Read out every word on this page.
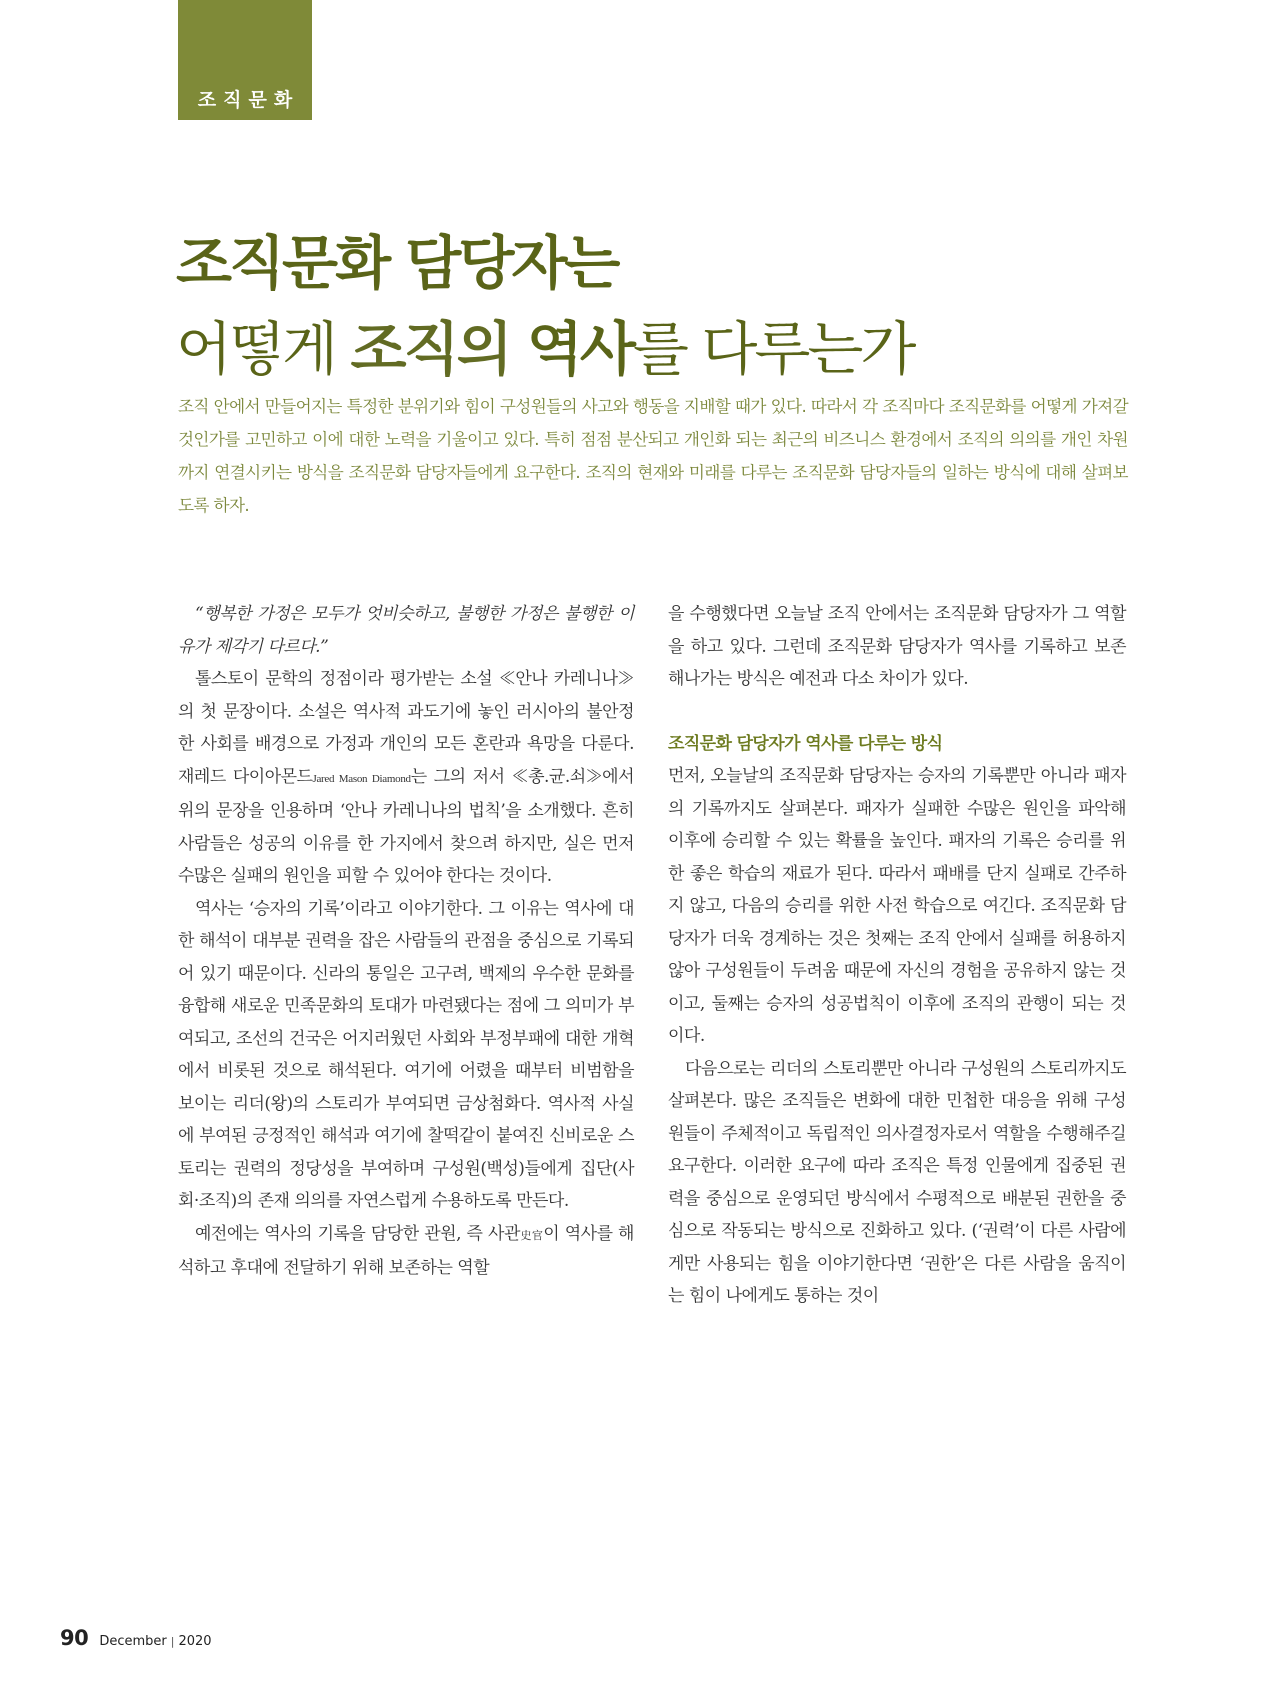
조직문화
조직문화 담당자는
어떻게 조직의 역사를 다루는가

조직 안에서 만들어지는 특정한 분위기와 힘이 구성원들의 사고와 행동을 지배할 때가 있다. 따라서 각 조직마다 조직문화를 어떻게 가져갈 것인가를 고민하고 이에 대한 노력을 기울이고 있다. 특히 점점 분산되고 개인화 되는 최근의 비즈니스 환경에서 조직의 의의를 개인 차원까지 연결시키는 방식을 조직문화 담당자들에게 요구한다. 조직의 현재와 미래를 다루는 조직문화 담당자들의 일하는 방식에 대해 살펴보도록 하자.

“행복한 가정은 모두가 엇비슷하고, 불행한 가정은 불행한 이유가 제각기 다르다.”

톨스토이 문학의 정점이라 평가받는 소설 ≪안나 카레니나≫의 첫 문장이다. 소설은 역사적 과도기에 놓인 러시아의 불안정한 사회를 배경으로 가정과 개인의 모든 혼란과 욕망을 다룬다. 재레드 다이아몬드Jared Mason Diamond는 그의 저서 ≪총.균.쇠≫에서 위의 문장을 인용하며 ‘안나 카레니나의 법칙’을 소개했다. 흔히 사람들은 성공의 이유를 한 가지에서 찾으려 하지만, 실은 먼저 수많은 실패의 원인을 피할 수 있어야 한다는 것이다.

역사는 ‘승자의 기록’이라고 이야기한다. 그 이유는 역사에 대한 해석이 대부분 권력을 잡은 사람들의 관점을 중심으로 기록되어 있기 때문이다. 신라의 통일은 고구려, 백제의 우수한 문화를 융합해 새로운 민족문화의 토대가 마련됐다는 점에 그 의미가 부여되고, 조선의 건국은 어지러웠던 사회와 부정부패에 대한 개혁에서 비롯된 것으로 해석된다. 여기에 어렸을 때부터 비범함을 보이는 리더(왕)의 스토리가 부여되면 금상첨화다. 역사적 사실에 부여된 긍정적인 해석과 여기에 찰떡같이 붙여진 신비로운 스토리는 권력의 정당성을 부여하며 구성원(백성)들에게 집단(사회·조직)의 존재 의의를 자연스럽게 수용하도록 만든다.

예전에는 역사의 기록을 담당한 관원, 즉 사관史官이 역사를 해석하고 후대에 전달하기 위해 보존하는 역할

을 수행했다면 오늘날 조직 안에서는 조직문화 담당자가 그 역할을 하고 있다. 그런데 조직문화 담당자가 역사를 기록하고 보존해나가는 방식은 예전과 다소 차이가 있다.

조직문화 담당자가 역사를 다루는 방식

먼저, 오늘날의 조직문화 담당자는 승자의 기록뿐만 아니라 패자의 기록까지도 살펴본다. 패자가 실패한 수많은 원인을 파악해 이후에 승리할 수 있는 확률을 높인다. 패자의 기록은 승리를 위한 좋은 학습의 재료가 된다. 따라서 패배를 단지 실패로 간주하지 않고, 다음의 승리를 위한 사전 학습으로 여긴다. 조직문화 담당자가 더욱 경계하는 것은 첫째는 조직 안에서 실패를 허용하지 않아 구성원들이 두려움 때문에 자신의 경험을 공유하지 않는 것이고, 둘째는 승자의 성공법칙이 이후에 조직의 관행이 되는 것이다.

다음으로는 리더의 스토리뿐만 아니라 구성원의 스토리까지도 살펴본다. 많은 조직들은 변화에 대한 민첩한 대응을 위해 구성원들이 주체적이고 독립적인 의사결정자로서 역할을 수행해주길 요구한다. 이러한 요구에 따라 조직은 특정 인물에게 집중된 권력을 중심으로 운영되던 방식에서 수평적으로 배분된 권한을 중심으로 작동되는 방식으로 진화하고 있다. (‘권력’이 다른 사람에게만 사용되는 힘을 이야기한다면 ‘권한’은 다른 사람을 움직이는 힘이 나에게도 통하는 것이

90 December | 2020
